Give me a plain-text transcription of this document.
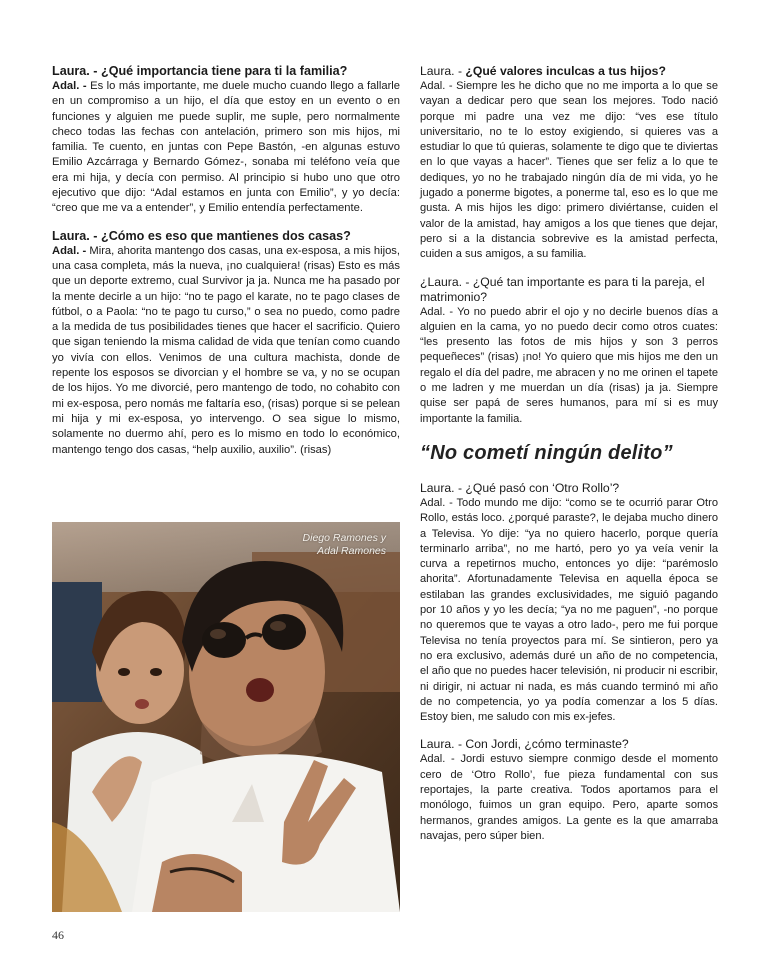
Laura. - ¿Qué importancia tiene para ti la familia?

Adal. - Es lo más importante, me duele mucho cuando llego a fallarle en un compromiso a un hijo, el día que estoy en un evento o en funciones y alguien me puede suplir, me suple, pero normalmente checo todas las fechas con antelación, primero son mis hijos, mi familia. Te cuento, en juntas con Pepe Bastón, -en algunas estuvo Emilio Azcárraga y Bernardo Gómez-, sonaba mi teléfono veía que era mi hija, y decía con permiso. Al principio si hubo uno que otro ejecutivo que dijo: “Adal estamos en junta con Emilio”, y yo decía: “creo que me va a entender”, y Emilio entendía perfectamente.

Laura. - ¿Cómo es eso que mantienes dos casas?

Adal. - Mira, ahorita mantengo dos casas, una ex-esposa, a mis hijos, una casa completa, más la nueva, ¡no cualquiera! (risas) Esto es más que un deporte extremo, cual Survivor ja ja. Nunca me ha pasado por la mente decirle a un hijo: “no te pago el karate, no te pago clases de fútbol, o a Paola: “no te pago tu curso,” o sea no puedo, como padre a la medida de tus posibilidades tienes que hacer el sacrificio. Quiero que sigan teniendo la misma calidad de vida que tenían como cuando yo vivía con ellos. Venimos de una cultura machista, donde de repente los esposos se divorcian y el hombre se va, y no se ocupan de los hijos. Yo me divorcié, pero mantengo de todo, no cohabito con mi ex-esposa, pero nomás me faltaría eso, (risas) porque si se pelean mi hija y mi ex-esposa, yo intervengo. O sea sigue lo mismo, solamente no duermo ahí, pero es lo mismo en todo lo económico, mantengo tengo dos casas, “help auxilio, auxilio”. (risas)

Diego Ramones y
Adal Ramones

Laura. - ¿Qué valores inculcas a tus hijos?

Adal. - Siempre les he dicho que no me importa a lo que se vayan a dedicar pero que sean los mejores. Todo nació porque mi padre una vez me dijo: “ves ese título universitario, no te lo estoy exigiendo, si quieres vas a estudiar lo que tú quieras, solamente te digo que te diviertas en lo que vayas a hacer”. Tienes que ser feliz a lo que te dediques, yo no he trabajado ningún día de mi vida, yo he jugado a ponerme bigotes, a ponerme tal, eso es lo que me gusta. A mis hijos les digo: primero diviértanse, cuiden el valor de la amistad, hay amigos a los que tienes que dejar, pero si a la distancia sobrevive es la amistad perfecta, cuiden a sus amigos, a su familia.

¿Laura. - ¿Qué tan importante es para ti la pareja, el matrimonio?

Adal. - Yo no puedo abrir el ojo y no decirle buenos días a alguien en la cama, yo no puedo decir como otros cuates: “les presento las fotos de mis hijos y son 3 perros pequeñeces” (risas) ¡no! Yo quiero que mis hijos me den un regalo el día del padre, me abracen y no me orinen el tapete o me ladren y me muerdan un día (risas) ja ja. Siempre quise ser papá de seres humanos, para mí si es muy importante la familia.

“No cometí ningún delito”

Laura. - ¿Qué pasó con ‘Otro Rollo’?

Adal. - Todo mundo me dijo: “como se te ocurrió parar Otro Rollo, estás loco. ¿porqué paraste?, le dejaba mucho dinero a Televisa. Yo dije: “ya no quiero hacerlo, porque quería terminarlo arriba”, no me hartó, pero yo ya veía venir la curva a repetirnos mucho, entonces yo dije: “parémoslo ahorita”. Afortunadamente Televisa en aquella época se estilaban las grandes exclusividades, me siguió pagando por 10 años y yo les decía; “ya no me paguen”, -no porque no queremos que te vayas a otro lado-, pero me fui porque Televisa no tenía proyectos para mí. Se sintieron, pero ya no era exclusivo, además duré un año de no competencia, el año que no puedes hacer televisión, ni producir ni escribir, ni dirigir, ni actuar ni nada, es más cuando terminó mi año de no competencia, yo ya podía comenzar a los 5 días. Estoy bien, me saludo con mis ex-jefes.

Laura. - Con Jordi, ¿cómo terminaste?

Adal. - Jordi estuvo siempre conmigo desde el momento cero de ‘Otro Rollo’, fue pieza fundamental con sus reportajes, la parte creativa. Todos aportamos para el monólogo, fuimos un gran equipo. Pero, aparte somos hermanos, grandes amigos. La gente es la que amarraba navajas, pero súper bien.

46
